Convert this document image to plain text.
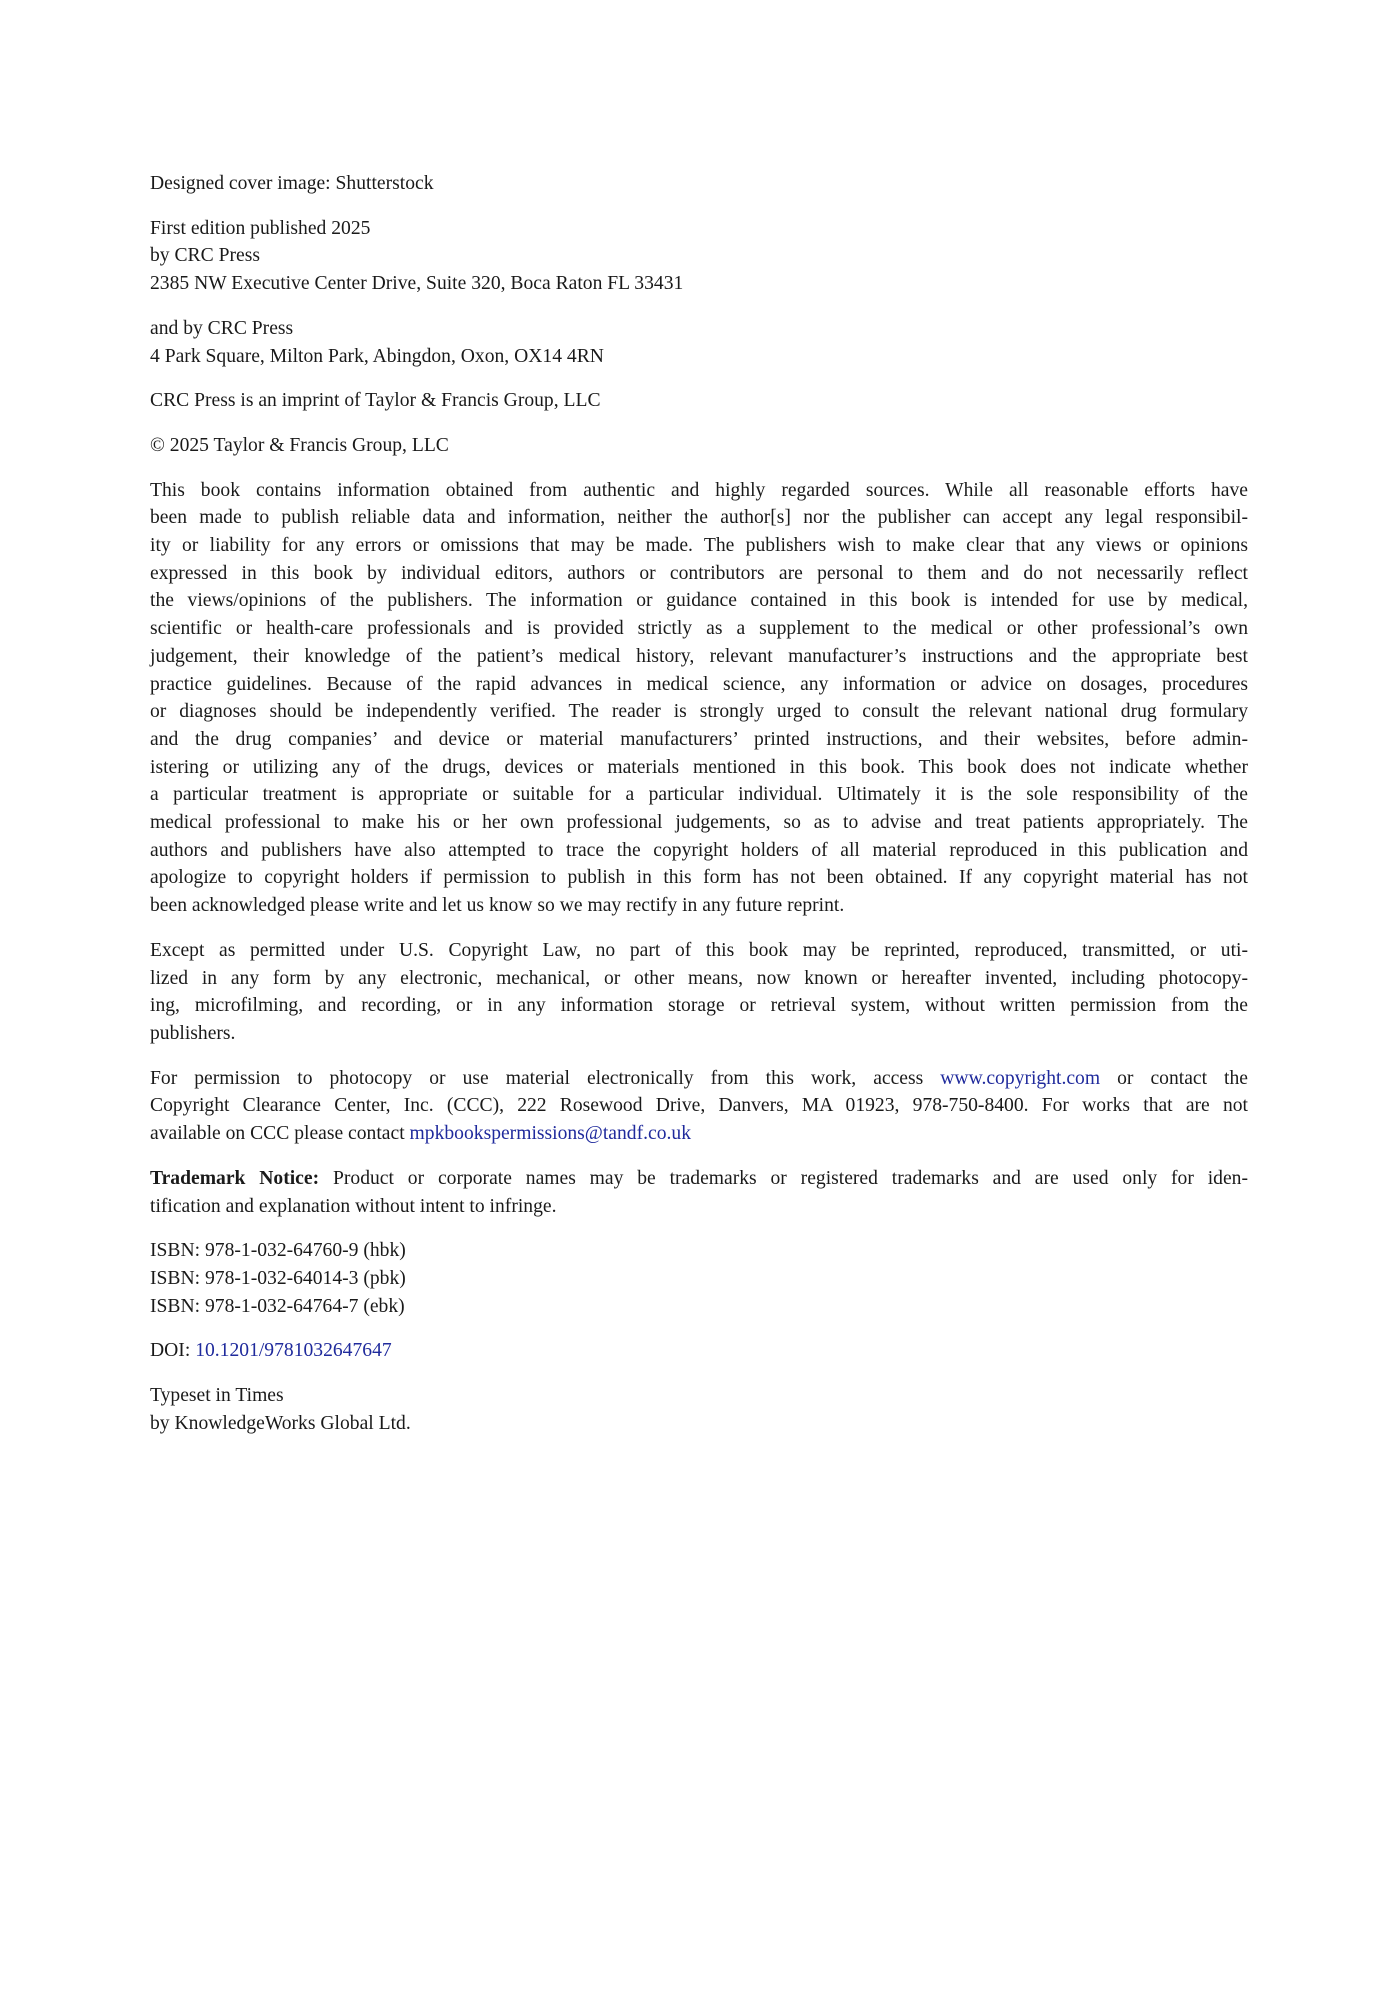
Designed cover image: Shutterstock
First edition published 2025
by CRC Press
2385 NW Executive Center Drive, Suite 320, Boca Raton FL 33431
and by CRC Press
4 Park Square, Milton Park, Abingdon, Oxon, OX14 4RN
CRC Press is an imprint of Taylor & Francis Group, LLC
© 2025 Taylor & Francis Group, LLC
This book contains information obtained from authentic and highly regarded sources. While all reasonable efforts have
been made to publish reliable data and information, neither the author[s] nor the publisher can accept any legal responsibil-
ity or liability for any errors or omissions that may be made. The publishers wish to make clear that any views or opinions
expressed in this book by individual editors, authors or contributors are personal to them and do not necessarily reflect
the views/opinions of the publishers. The information or guidance contained in this book is intended for use by medical,
scientific or health-care professionals and is provided strictly as a supplement to the medical or other professional’s own
judgement, their knowledge of the patient’s medical history, relevant manufacturer’s instructions and the appropriate best
practice guidelines. Because of the rapid advances in medical science, any information or advice on dosages, procedures
or diagnoses should be independently verified. The reader is strongly urged to consult the relevant national drug formulary
and the drug companies’ and device or material manufacturers’ printed instructions, and their websites, before admin-
istering or utilizing any of the drugs, devices or materials mentioned in this book. This book does not indicate whether
a particular treatment is appropriate or suitable for a particular individual. Ultimately it is the sole responsibility of the
medical professional to make his or her own professional judgements, so as to advise and treat patients appropriately. The
authors and publishers have also attempted to trace the copyright holders of all material reproduced in this publication and
apologize to copyright holders if permission to publish in this form has not been obtained. If any copyright material has not
been acknowledged please write and let us know so we may rectify in any future reprint.
Except as permitted under U.S. Copyright Law, no part of this book may be reprinted, reproduced, transmitted, or uti-
lized in any form by any electronic, mechanical, or other means, now known or hereafter invented, including photocopy-
ing, microfilming, and recording, or in any information storage or retrieval system, without written permission from the
publishers.
For permission to photocopy or use material electronically from this work, access www.copyright.com or contact the
Copyright Clearance Center, Inc. (CCC), 222 Rosewood Drive, Danvers, MA 01923, 978-750-8400. For works that are not
available on CCC please contact mpkbookspermissions@tandf.co.uk
Trademark Notice: Product or corporate names may be trademarks or registered trademarks and are used only for iden-
tification and explanation without intent to infringe.
ISBN: 978-1-032-64760-9 (hbk)
ISBN: 978-1-032-64014-3 (pbk)
ISBN: 978-1-032-64764-7 (ebk)
DOI: 10.1201/9781032647647
Typeset in Times
by KnowledgeWorks Global Ltd.
